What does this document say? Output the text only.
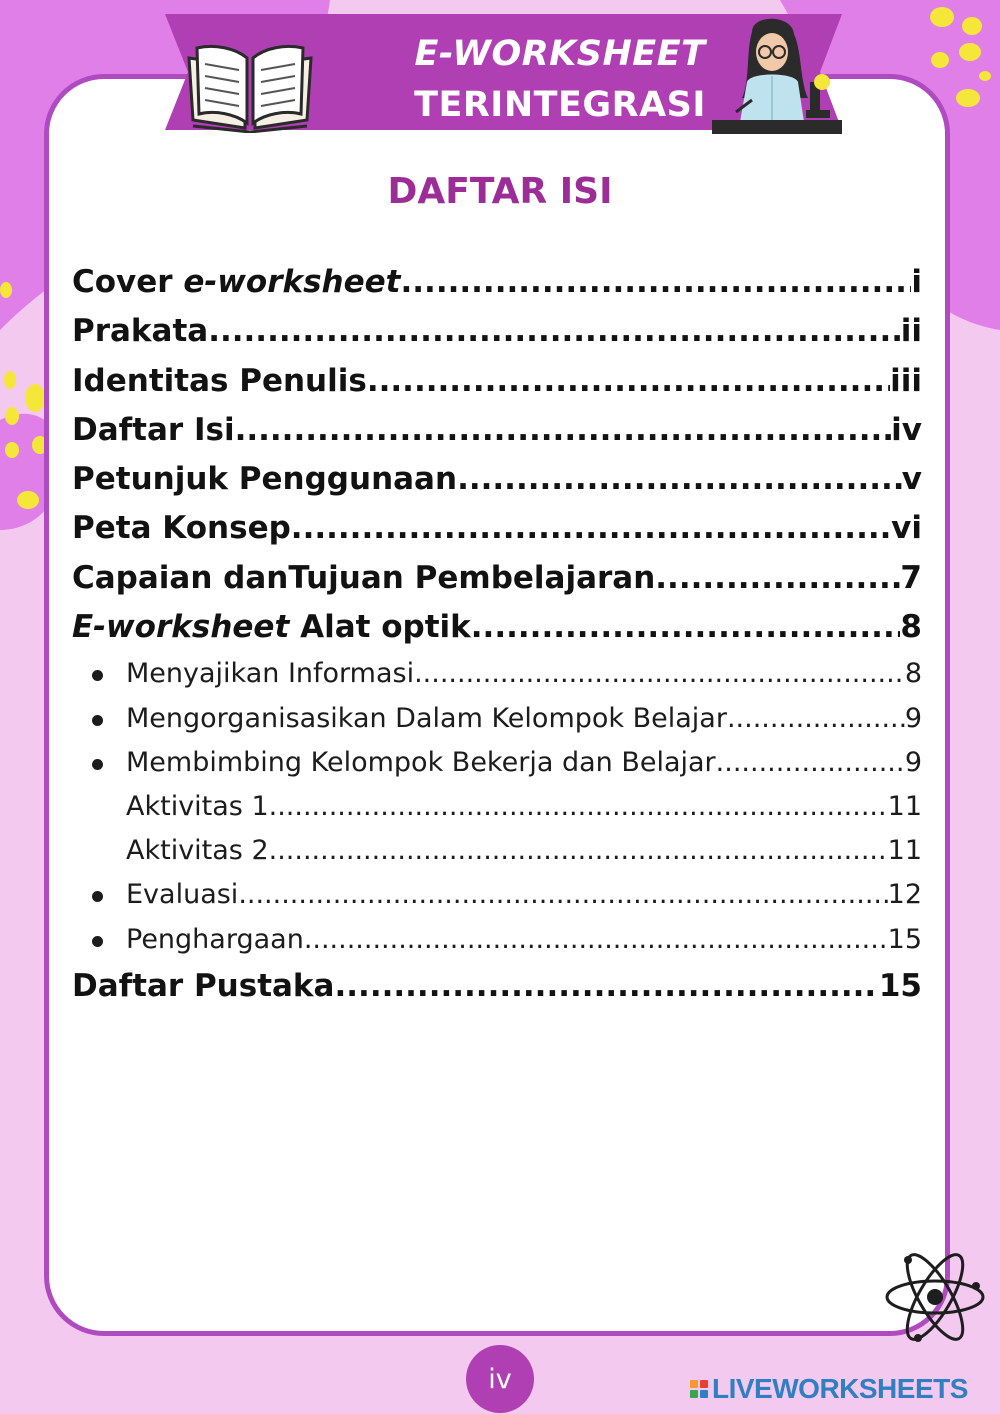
E-WORKSHEET
TERINTEGRASI PhET
DAFTAR ISI
Cover e-worksheet .....	i
Prakata .....	ii
Identitas Penulis .....	iii
Daftar Isi .....	iv
Petunjuk Penggunaan .....	v
Peta Konsep .....	vi
Capaian danTujuan Pembelajaran .....	7
E-worksheet Alat optik .....	8
Menyajikan Informasi .....	8
Mengorganisasikan Dalam Kelompok Belajar .....	9
Membimbing Kelompok Bekerja dan Belajar .....	9
Aktivitas 1 .....	11
Aktivitas 2 .....	11
Evaluasi .....	12
Penghargaan .....	15
Daftar Pustaka .....	15
iv	LIVEWORKSHEETS
